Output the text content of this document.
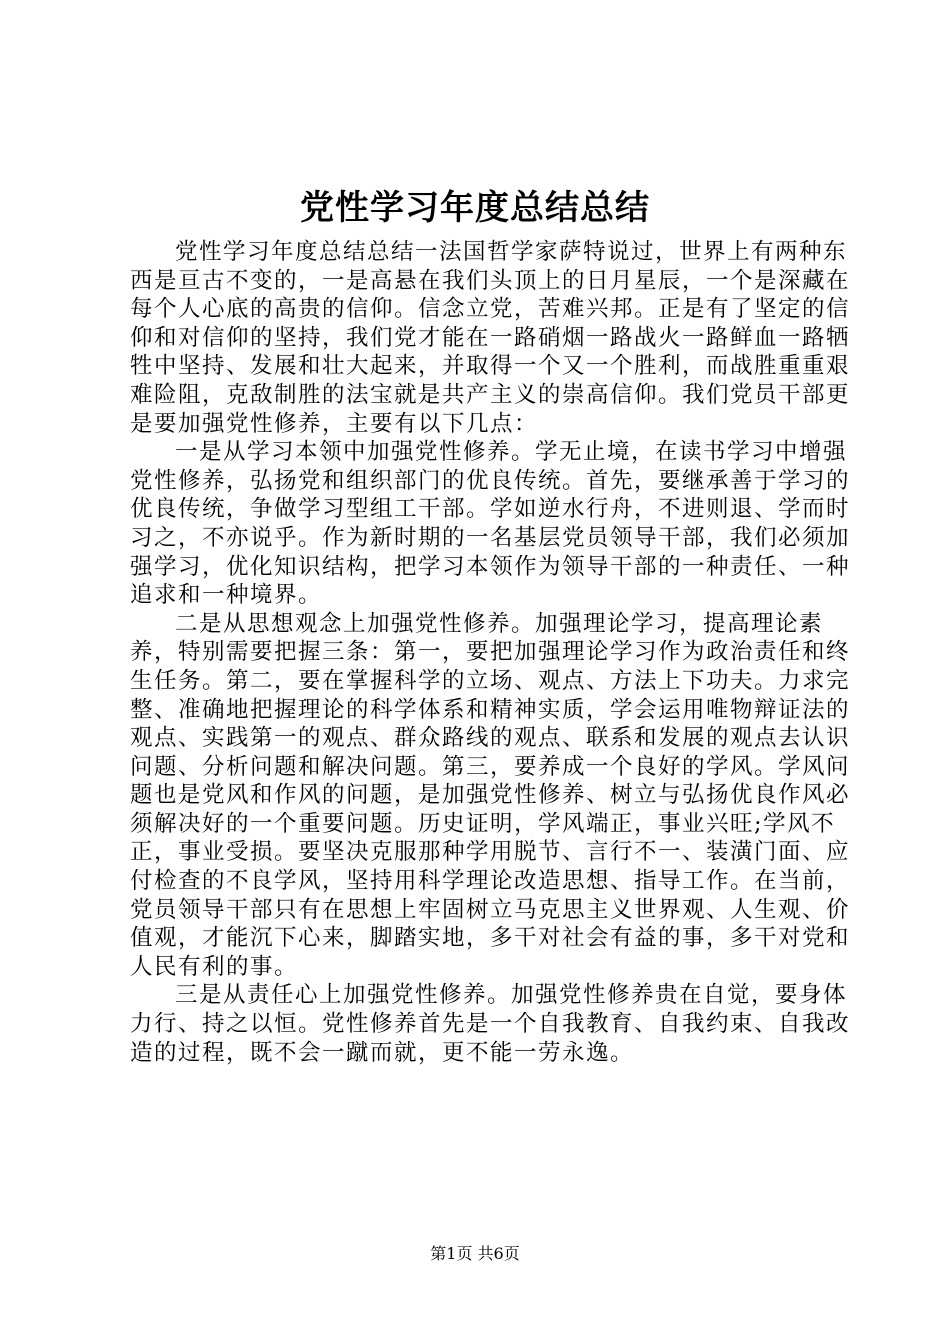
党性学习年度总结总结

党性学习年度总结总结一法国哲学家萨特说过，世界上有两种东西是亘古不变的，一是高悬在我们头顶上的日月星辰，一个是深藏在每个人心底的高贵的信仰。信念立党，苦难兴邦。正是有了坚定的信仰和对信仰的坚持，我们党才能在一路硝烟一路战火一路鲜血一路牺牲中坚持、发展和壮大起来，并取得一个又一个胜利，而战胜重重艰难险阻，克敌制胜的法宝就是共产主义的崇高信仰。我们党员干部更是要加强党性修养，主要有以下几点：

一是从学习本领中加强党性修养。学无止境，在读书学习中增强党性修养，弘扬党和组织部门的优良传统。首先，要继承善于学习的优良传统，争做学习型组工干部。学如逆水行舟，不进则退、学而时习之，不亦说乎。作为新时期的一名基层党员领导干部，我们必须加强学习，优化知识结构，把学习本领作为领导干部的一种责任、一种追求和一种境界。

二是从思想观念上加强党性修养。加强理论学习，提高理论素养，特别需要把握三条：第一，要把加强理论学习作为政治责任和终生任务。第二，要在掌握科学的立场、观点、方法上下功夫。力求完整、准确地把握理论的科学体系和精神实质，学会运用唯物辩证法的观点、实践第一的观点、群众路线的观点、联系和发展的观点去认识问题、分析问题和解决问题。第三，要养成一个良好的学风。学风问题也是党风和作风的问题，是加强党性修养、树立与弘扬优良作风必须解决好的一个重要问题。历史证明，学风端正，事业兴旺;学风不正，事业受损。要坚决克服那种学用脱节、言行不一、装潢门面、应付检查的不良学风，坚持用科学理论改造思想、指导工作。在当前，党员领导干部只有在思想上牢固树立马克思主义世界观、人生观、价值观，才能沉下心来，脚踏实地，多干对社会有益的事，多干对党和人民有利的事。

三是从责任心上加强党性修养。加强党性修养贵在自觉，要身体力行、持之以恒。党性修养首先是一个自我教育、自我约束、自我改造的过程，既不会一蹴而就，更不能一劳永逸。

第1页 共6页
